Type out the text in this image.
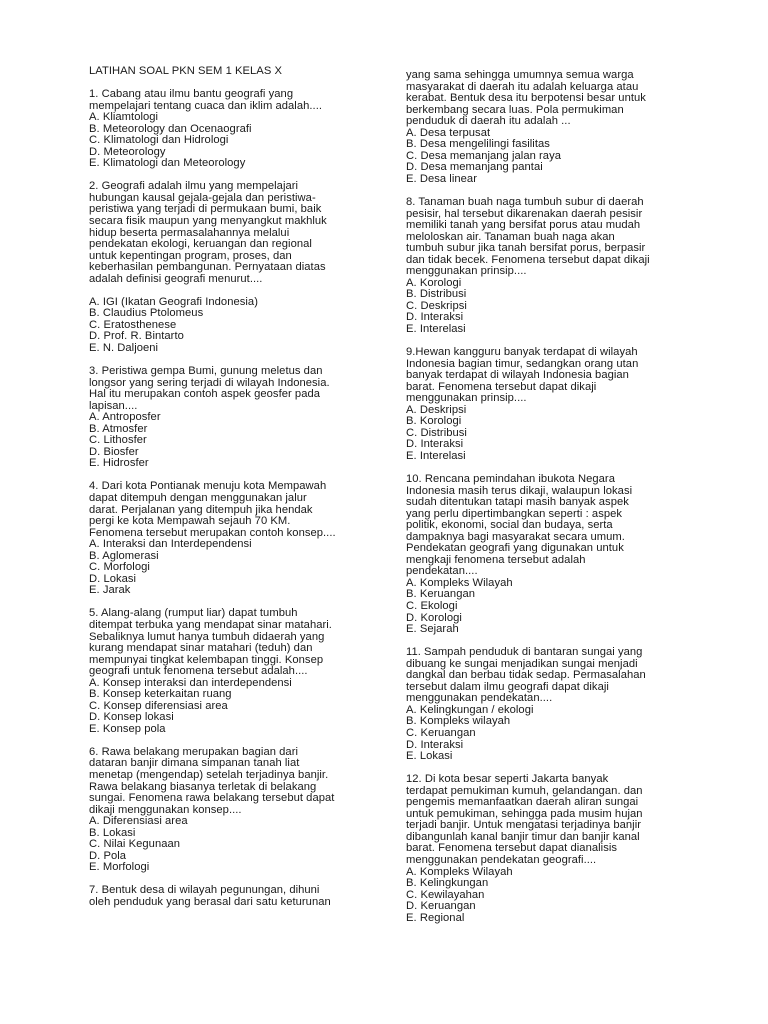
LATIHAN SOAL PKN SEM 1 KELAS X
1. Cabang atau ilmu bantu geografi yang
mempelajari tentang cuaca dan iklim adalah....
A. Kliamtologi
B. Meteorology dan Ocenaografi
C. Klimatologi dan Hidrologi
D. Meteorology
E. Klimatologi dan Meteorology
2. Geografi adalah ilmu yang mempelajari
hubungan kausal gejala-gejala dan peristiwa-
peristiwa yang terjadi di permukaan bumi, baik
secara fisik maupun yang menyangkut makhluk
hidup beserta permasalahannya melalui
pendekatan ekologi, keruangan dan regional
untuk kepentingan program, proses, dan
keberhasilan pembangunan. Pernyataan diatas
adalah definisi geografi menurut....
A. IGI (Ikatan Geografi Indonesia)
B. Claudius Ptolomeus
C. Eratosthenese
D. Prof. R. Bintarto
E. N. Daljoeni
3. Peristiwa gempa Bumi, gunung meletus dan
longsor yang sering terjadi di wilayah Indonesia.
Hal itu merupakan contoh aspek geosfer pada
lapisan....
A. Antroposfer
B. Atmosfer
C. Lithosfer
D. Biosfer
E. Hidrosfer
4. Dari kota Pontianak menuju kota Mempawah
dapat ditempuh dengan menggunakan jalur
darat. Perjalanan yang ditempuh jika hendak
pergi ke kota Mempawah sejauh 70 KM.
Fenomena tersebut merupakan contoh konsep....
A. Interaksi dan Interdependensi
B. Aglomerasi
C. Morfologi
D. Lokasi
E. Jarak
5. Alang-alang (rumput liar) dapat tumbuh
ditempat terbuka yang mendapat sinar matahari.
Sebaliknya lumut hanya tumbuh didaerah yang
kurang mendapat sinar matahari (teduh) dan
mempunyai tingkat kelembapan tinggi. Konsep
geografi untuk fenomena tersebut adalah....
A. Konsep interaksi dan interdependensi
B. Konsep keterkaitan ruang
C. Konsep diferensiasi area
D. Konsep lokasi
E. Konsep pola
6. Rawa belakang merupakan bagian dari
dataran banjir dimana simpanan tanah liat
menetap (mengendap) setelah terjadinya banjir.
Rawa belakang biasanya terletak di belakang
sungai. Fenomena rawa belakang tersebut dapat
dikaji menggunakan konsep....
A. Diferensiasi area
B. Lokasi
C. Nilai Kegunaan
D. Pola
E. Morfologi
7. Bentuk desa di wilayah pegunungan, dihuni
oleh penduduk yang berasal dari satu keturunan
yang sama sehingga umumnya semua warga
masyarakat di daerah itu adalah keluarga atau
kerabat. Bentuk desa itu berpotensi besar untuk
berkembang secara luas. Pola permukiman
penduduk di daerah itu adalah ...
A. Desa terpusat
B. Desa mengelilingi fasilitas
C. Desa memanjang jalan raya
D. Desa memanjang pantai
E. Desa linear
8. Tanaman buah naga tumbuh subur di daerah
pesisir, hal tersebut dikarenakan daerah pesisir
memiliki tanah yang bersifat porus atau mudah
meloloskan air. Tanaman buah naga akan
tumbuh subur jika tanah bersifat porus, berpasir
dan tidak becek. Fenomena tersebut dapat dikaji
menggunakan prinsip....
A. Korologi
B. Distribusi
C. Deskripsi
D. Interaksi
E. Interelasi
9.Hewan kangguru banyak terdapat di wilayah
Indonesia bagian timur, sedangkan orang utan
banyak terdapat di wilayah Indonesia bagian
barat. Fenomena tersebut dapat dikaji
menggunakan prinsip....
A. Deskripsi
B. Korologi
C. Distribusi
D. Interaksi
E. Interelasi
10. Rencana pemindahan ibukota Negara
Indonesia masih terus dikaji, walaupun lokasi
sudah ditentukan tatapi masih banyak aspek
yang perlu dipertimbangkan seperti : aspek
politik, ekonomi, social dan budaya, serta
dampaknya bagi masyarakat secara umum.
Pendekatan geografi yang digunakan untuk
mengkaji fenomena tersebut adalah
pendekatan....
A. Kompleks Wilayah
B. Keruangan
C. Ekologi
D. Korologi
E. Sejarah
11. Sampah penduduk di bantaran sungai yang
dibuang ke sungai menjadikan sungai menjadi
dangkal dan berbau tidak sedap. Permasalahan
tersebut dalam ilmu geografi dapat dikaji
menggunakan pendekatan....
A. Kelingkungan / ekologi
B. Kompleks wilayah
C. Keruangan
D. Interaksi
E. Lokasi
12. Di kota besar seperti Jakarta banyak
terdapat pemukiman kumuh, gelandangan. dan
pengemis memanfaatkan daerah aliran sungai
untuk pemukiman, sehingga pada musim hujan
terjadi banjir. Untuk mengatasi terjadinya banjir
dibangunlah kanal banjir timur dan banjir kanal
barat. Fenomena tersebut dapat dianalisis
menggunakan pendekatan geografi....
A. Kompleks Wilayah
B. Kelingkungan
C. Kewilayahan
D. Keruangan
E. Regional
